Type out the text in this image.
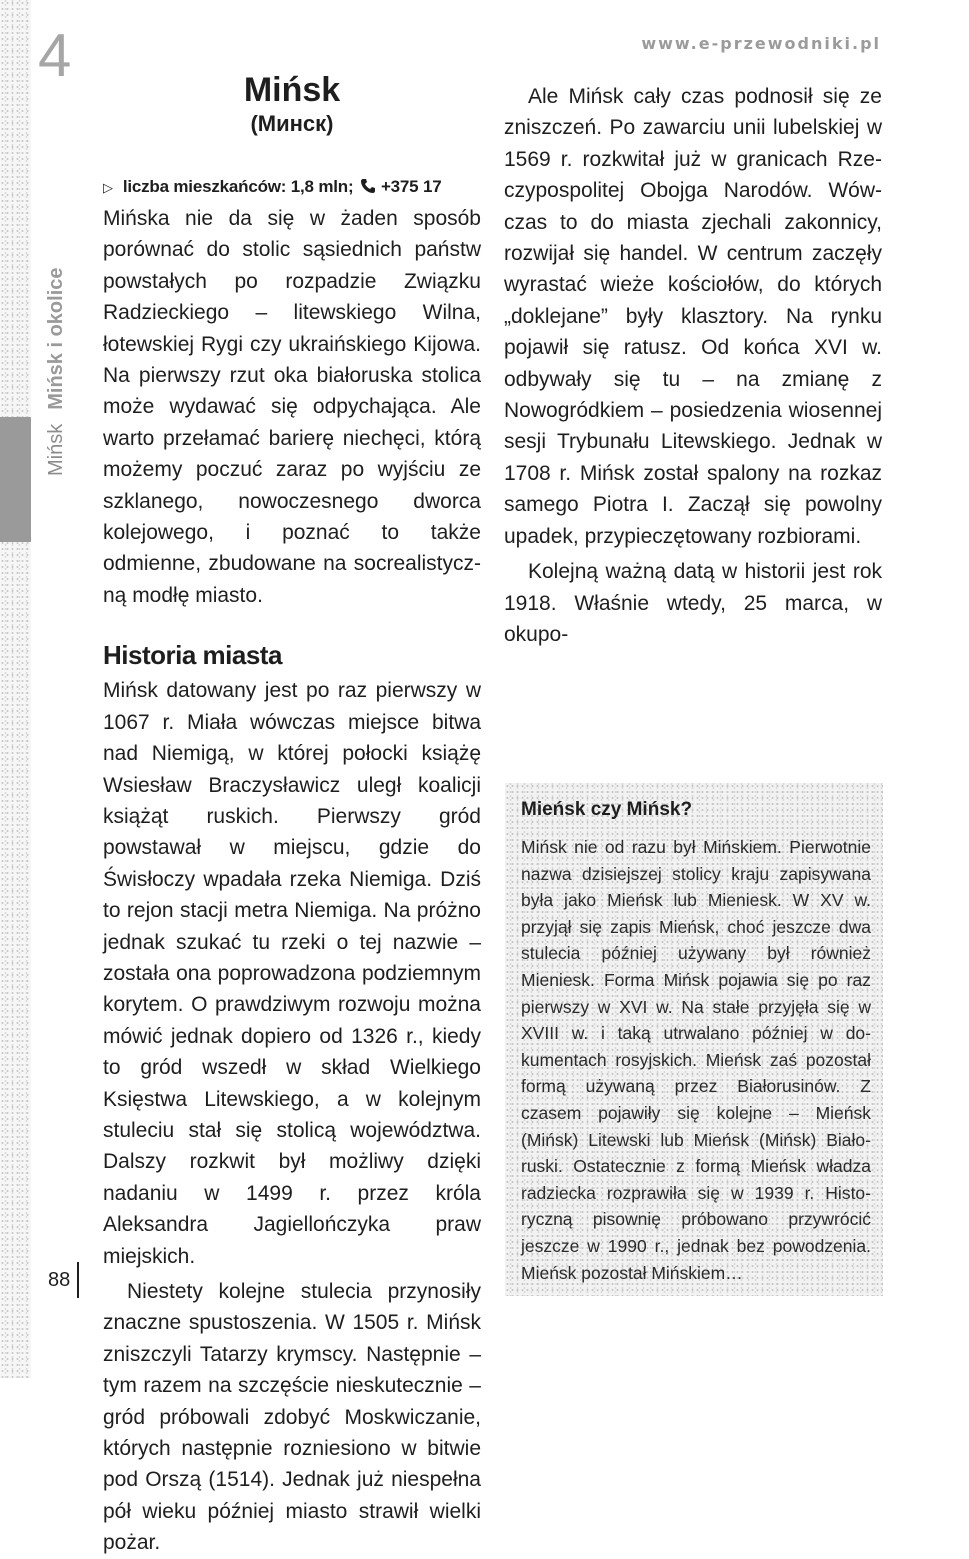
4
MińskMińsk i okolice
www.e-przewodniki.pl
Mińsk
(Минск)
▷ liczba mieszkańców: 1,8 mln; +375 17

Mińska nie da się w żaden sposób porównać do stolic sąsiednich państw powstałych po rozpadzie Związku Radzieckiego – litewskiego Wilna, łotewskiej Rygi czy ukraińskiego Kijowa. Na pierwszy rzut oka białoruska stolica może wydawać się odpychająca. Ale warto przełamać barierę niechęci, którą możemy poczuć zaraz po wyjściu ze szklanego, nowoczesnego dworca kolejowego, i poznać to także odmienne, zbudowane na socrealistyczną modłę miasto.

Historia miasta

Mińsk datowany jest po raz pierwszy w 1067 r. Miała wówczas miejsce bitwa nad Niemigą, w której połocki książę Wsiesław Braczysławicz uległ koalicji książąt ruskich. Pierwszy gród powstawał w miejscu, gdzie do Świsłoczy wpadała rzeka Niemiga. Dziś to rejon stacji metra Niemiga. Na próżno jednak szukać tu rzeki o tej nazwie – została ona poprowadzona podziemnym korytem. O prawdziwym rozwoju można mówić jednak dopiero od 1326 r., kiedy to gród wszedł w skład Wielkiego Księstwa Litewskiego, a w kolejnym stuleciu stał się stolicą województwa. Dalszy rozkwit był możliwy dzięki nadaniu w 1499 r. przez króla Aleksandra Jagiellończyka praw miejskich.

Niestety kolejne stulecia przynosiły znaczne spustoszenia. W 1505 r. Mińsk zniszczyli Tatarzy krymscy. Następnie – tym razem na szczęście nieskutecznie – gród próbowali zdobyć Moskwiczanie, których następnie rozniesiono w bitwie pod Orszą (1514). Jednak już niespełna pół wieku później miasto strawił wielki pożar.

Ale Mińsk cały czas podnosił się ze zniszczeń. Po zawarciu unii lubelskiej w 1569 r. rozkwitał już w granicach Rzeczypospolitej Obojga Narodów. Wówczas to do miasta zjechali zakonnicy, rozwijał się handel. W centrum zaczęły wyrastać wieże kościołów, do których „doklejane” były klasztory. Na rynku pojawił się ratusz. Od końca XVI w. odbywały się tu – na zmianę z Nowogródkiem – posiedzenia wiosennej sesji Trybunału Litewskiego. Jednak w 1708 r. Mińsk został spalony na rozkaz samego Piotra I. Zaczął się powolny upadek, przypieczętowany rozbiorami.

Kolejną ważną datą w historii jest rok 1918. Właśnie wtedy, 25 marca, w okupo-

Mieńsk czy Mińsk?

Mińsk nie od razu był Mińskiem. Pierwotnie nazwa dzisiejszej stolicy kraju zapisywana była jako Mieńsk lub Mieniesk. W XV w. przyjął się zapis Mieńsk, choć jeszcze dwa stulecia później używany był również Mieniesk. Forma Mińsk pojawia się po raz pierwszy w XVI w. Na stałe przyjęła się w XVIII w. i taką utrwalano później w dokumentach rosyjskich. Mieńsk zaś pozostał formą używaną przez Białorusinów. Z czasem pojawiły się kolejne – Mieńsk (Mińsk) Litewski lub Mieńsk (Mińsk) Białoruski. Ostatecznie z formą Mieńsk władza radziecka rozprawiła się w 1939 r. Historyczną pisownię próbowano przywrócić jeszcze w 1990 r., jednak bez powodzenia. Mieńsk pozostał Mińskiem…

88
